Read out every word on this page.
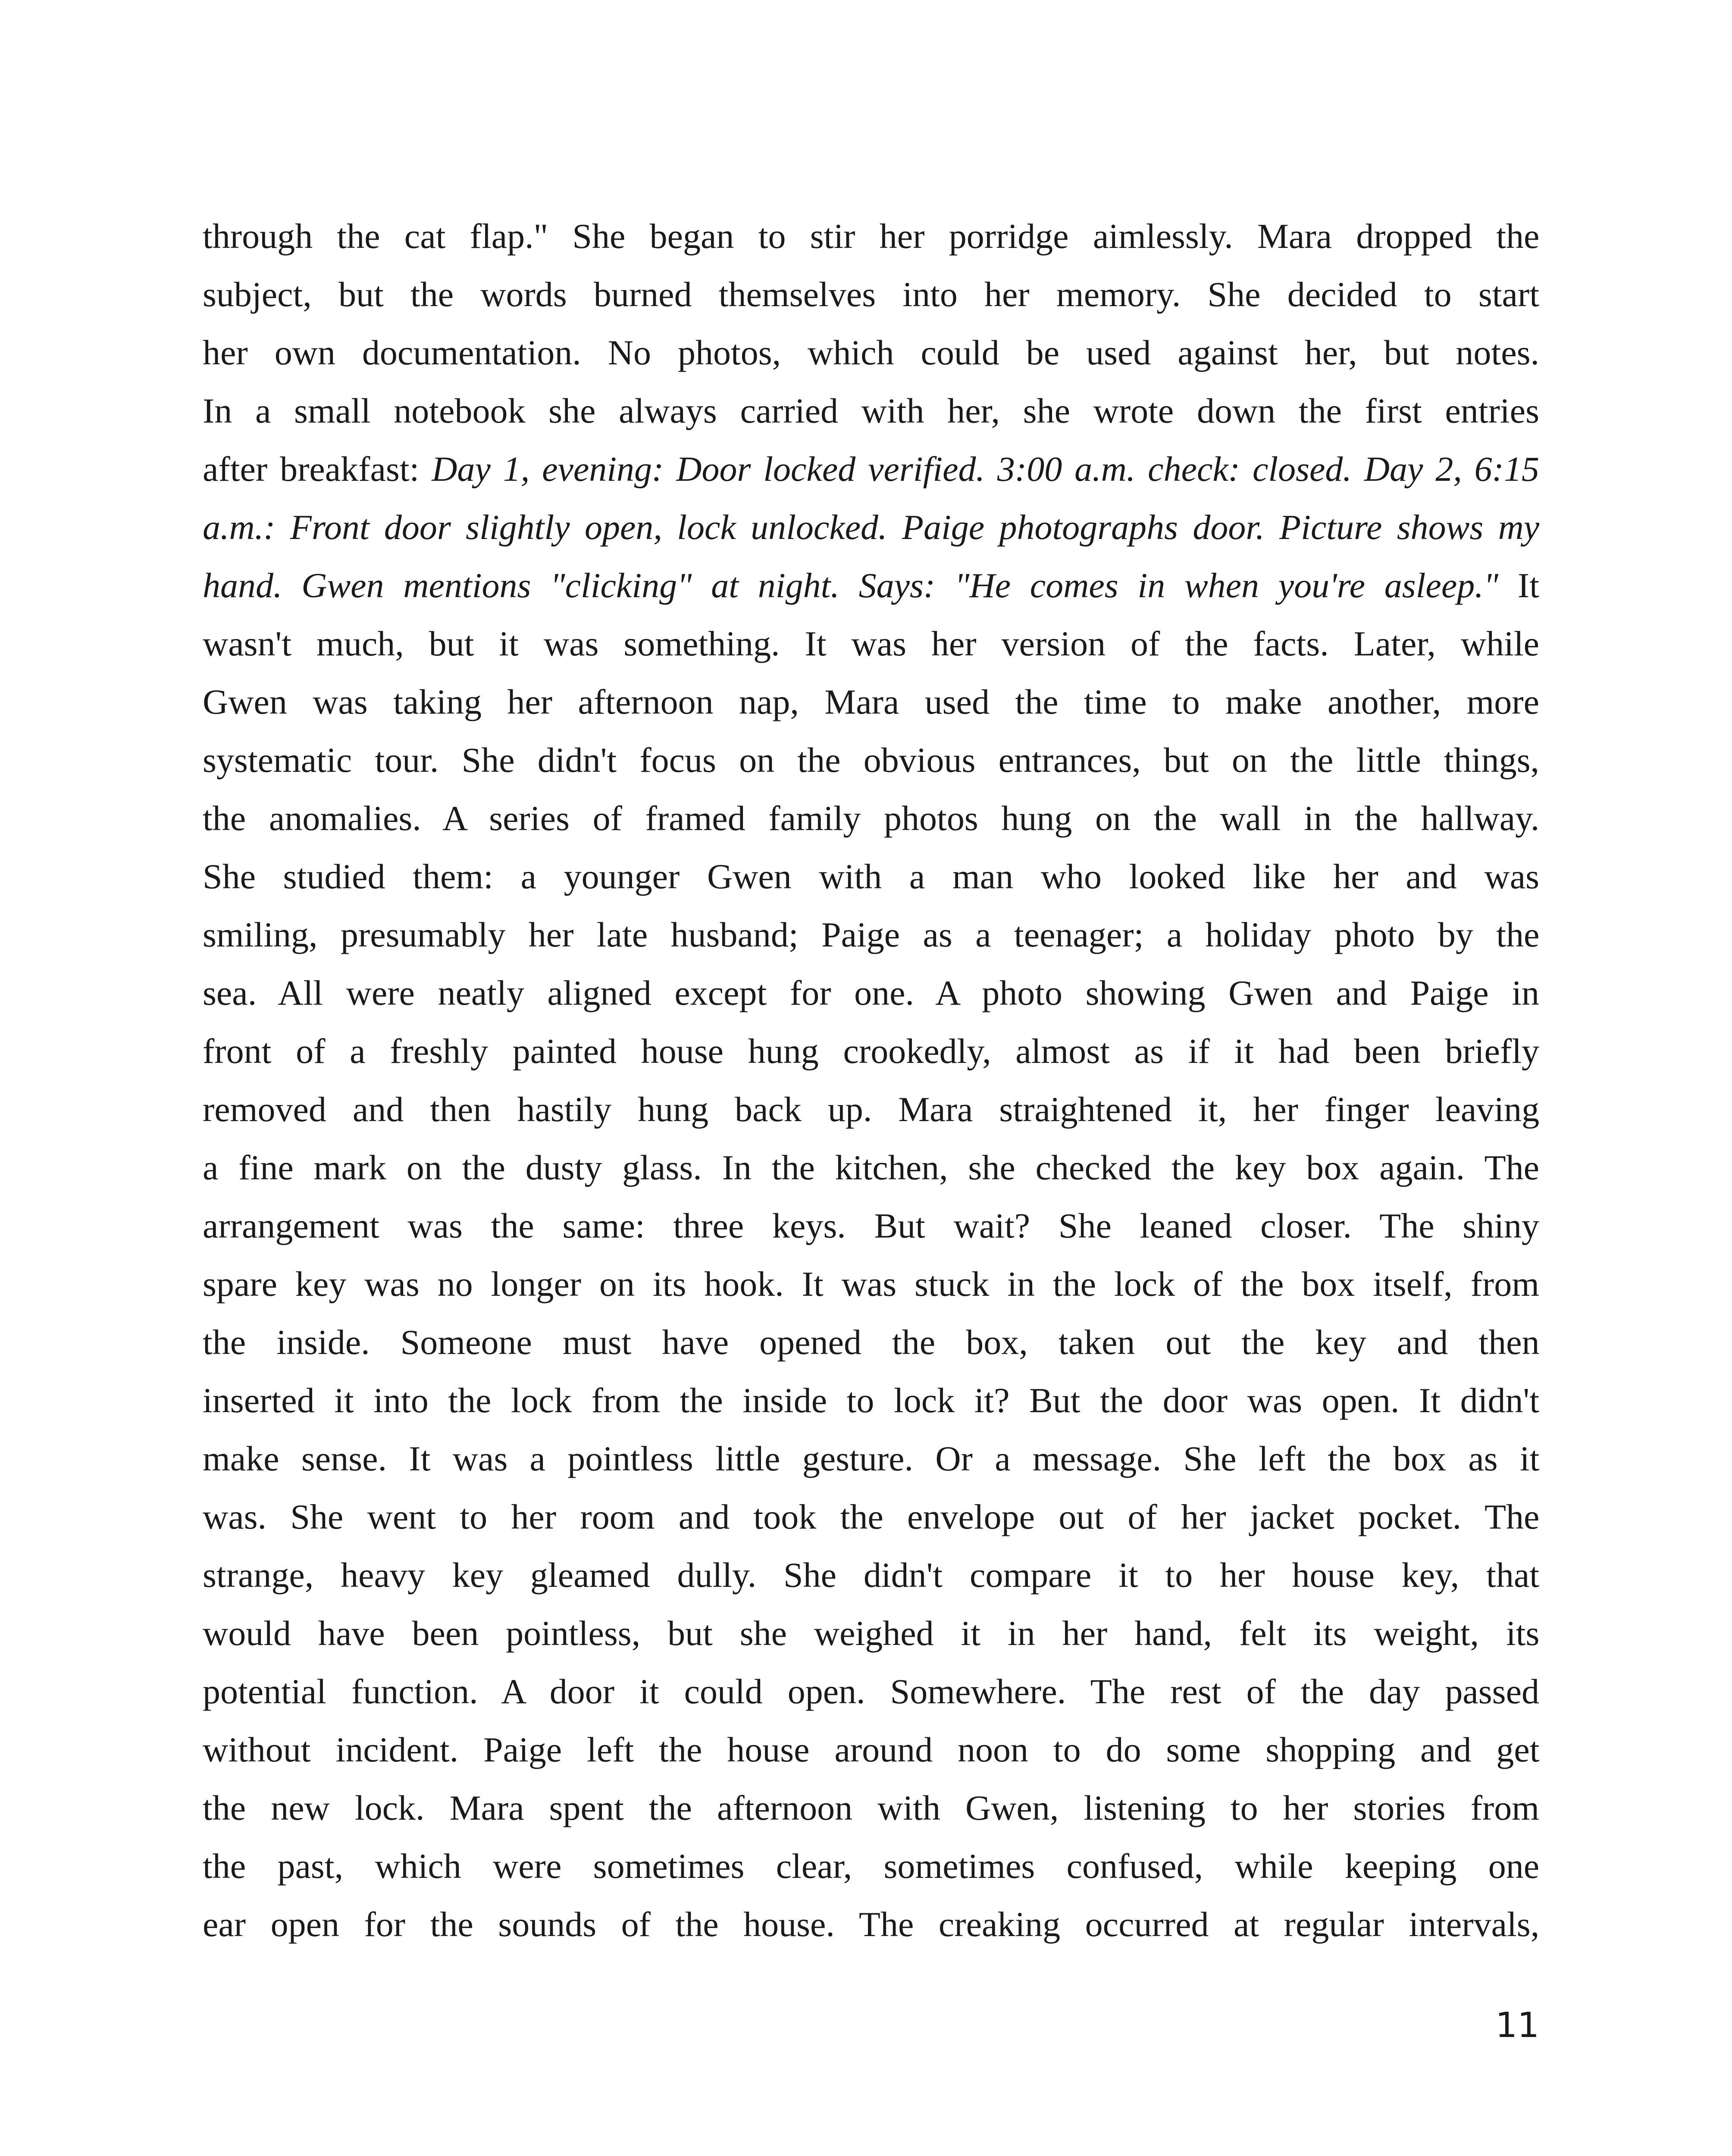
through the cat flap." She began to stir her porridge aimlessly. Mara dropped the
subject, but the words burned themselves into her memory. She decided to start
her own documentation. No photos, which could be used against her, but notes.
In a small notebook she always carried with her, she wrote down the first entries
after breakfast: Day 1, evening: Door locked verified. 3:00 a.m. check: closed. Day 2, 6:15
a.m.: Front door slightly open, lock unlocked. Paige photographs door. Picture shows my
hand. Gwen mentions "clicking" at night. Says: "He comes in when you're asleep." It
wasn't much, but it was something. It was her version of the facts. Later, while
Gwen was taking her afternoon nap, Mara used the time to make another, more
systematic tour. She didn't focus on the obvious entrances, but on the little things,
the anomalies. A series of framed family photos hung on the wall in the hallway.
She studied them: a younger Gwen with a man who looked like her and was
smiling, presumably her late husband; Paige as a teenager; a holiday photo by the
sea. All were neatly aligned except for one. A photo showing Gwen and Paige in
front of a freshly painted house hung crookedly, almost as if it had been briefly
removed and then hastily hung back up. Mara straightened it, her finger leaving
a fine mark on the dusty glass. In the kitchen, she checked the key box again. The
arrangement was the same: three keys. But wait? She leaned closer. The shiny
spare key was no longer on its hook. It was stuck in the lock of the box itself, from
the inside. Someone must have opened the box, taken out the key and then
inserted it into the lock from the inside to lock it? But the door was open. It didn't
make sense. It was a pointless little gesture. Or a message. She left the box as it
was. She went to her room and took the envelope out of her jacket pocket. The
strange, heavy key gleamed dully. She didn't compare it to her house key, that
would have been pointless, but she weighed it in her hand, felt its weight, its
potential function. A door it could open. Somewhere. The rest of the day passed
without incident. Paige left the house around noon to do some shopping and get
the new lock. Mara spent the afternoon with Gwen, listening to her stories from
the past, which were sometimes clear, sometimes confused, while keeping one
ear open for the sounds of the house. The creaking occurred at regular intervals,
11
